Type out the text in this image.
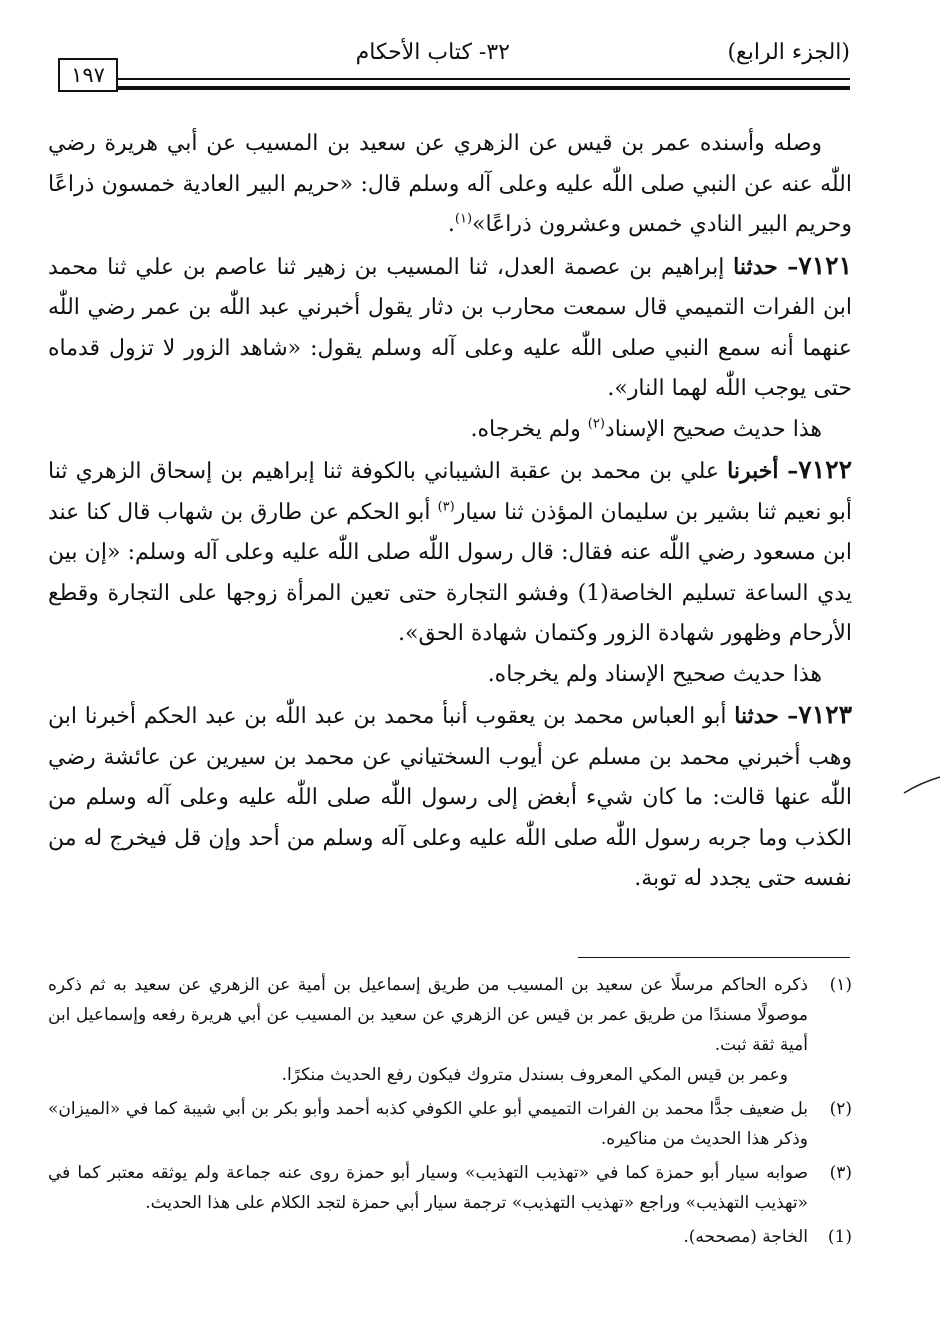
(الجزء الرابع)
٣٢- كتاب الأحكام
١٩٧

وصله وأسنده عمر بن قيس عن الزهري عن سعيد بن المسيب عن أبي هريرة رضي اللّٰه عنه عن النبي صلى اللّٰه عليه وعلى آله وسلم قال: «حريم البير العادية خمسون ذراعًا وحريم البير النادي خمس وعشرون ذراعًا»$^{(١)}$.

٧١٢١– حدثنا إبراهيم بن عصمة العدل، ثنا المسيب بن زهير ثنا عاصم بن علي ثنا محمد ابن الفرات التميمي قال سمعت محارب بن دثار يقول أخبرني عبد اللّٰه بن عمر رضي اللّٰه عنهما أنه سمع النبي صلى اللّٰه عليه وعلى آله وسلم يقول: «شاهد الزور لا تزول قدماه حتى يوجب اللّٰه لهما النار».

هذا حديث صحيح الإسناد$^{(٢)}$ ولم يخرجاه.

٧١٢٢– أخبرنا علي بن محمد بن عقبة الشيباني بالكوفة ثنا إبراهيم بن إسحاق الزهري ثنا أبو نعيم ثنا بشير بن سليمان المؤذن ثنا سيار$^{(٣)}$ أبو الحكم عن طارق بن شهاب قال كنا عند ابن مسعود رضي اللّٰه عنه فقال: قال رسول اللّٰه صلى اللّٰه عليه وعلى آله وسلم: «إن بين يدي الساعة تسليم الخاصة(1) وفشو التجارة حتى تعين المرأة زوجها على التجارة وقطع الأرحام وظهور شهادة الزور وكتمان شهادة الحق».

هذا حديث صحيح الإسناد ولم يخرجاه.

٧١٢٣– حدثنا أبو العباس محمد بن يعقوب أنبأ محمد بن عبد اللّٰه بن عبد الحكم أخبرنا ابن وهب أخبرني محمد بن مسلم عن أيوب السختياني عن محمد بن سيرين عن عائشة رضي اللّٰه عنها قالت: ما كان شيء أبغض إلى رسول اللّٰه صلى اللّٰه عليه وعلى آله وسلم من الكذب وما جربه رسول اللّٰه صلى اللّٰه عليه وعلى آله وسلم من أحد وإن قل فيخرج له من نفسه حتى يجدد له توبة.

(١)
ذكره الحاكم مرسلًا عن سعيد بن المسيب من طريق إسماعيل بن أمية عن الزهري عن سعيد به ثم ذكره موصولًا مسندًا من طريق عمر بن قيس عن الزهري عن سعيد بن المسيب عن أبي هريرة رفعه وإسماعيل ابن أمية ثقة ثبت.

وعمر بن قيس المكي المعروف بسندل متروك فيكون رفع الحديث منكرًا.

(٢)
بل ضعيف جدًّا محمد بن الفرات التميمي أبو علي الكوفي كذبه أحمد وأبو بكر بن أبي شيبة كما في «الميزان» وذكر هذا الحديث من مناكيره.

(٣)
صوابه سيار أبو حمزة كما في «تهذيب التهذيب» وسيار أبو حمزة روى عنه جماعة ولم يوثقه معتبر كما في «تهذيب التهذيب» وراجع «تهذيب التهذيب» ترجمة سيار أبي حمزة لتجد الكلام على هذا الحديث.

(1)
الخاجة (مصححه).
